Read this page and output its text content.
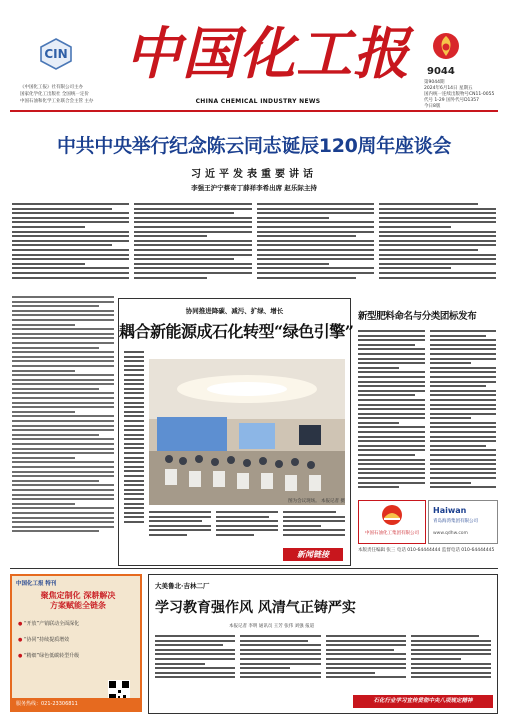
CIN
《中国化工报》社有限公司主办
国家化学化工出版社 全国统一定价
中国石油和化学工业联合会主管 主办
中国化工报
CHINA CHEMICAL INDUSTRY NEWS
9044
第9044期
2024年6月14日 星期五
国内统一连续出版物号CN11-0055
代号 1-29 国外代号D1357
今日8版
中共中央举行纪念陈云同志诞辰120周年座谈会
习近平发表重要讲话
李强王沪宁蔡奇丁薛祥李希出席 赵乐际主持
协同推进降碳、减污、扩绿、增长
耦合新能源成石化转型“绿色引擎”
图为会议现场。 本报记者 摄
新闻链接
新型肥料命名与分类团标发布
中国石油化工集团有限公司
Haiwan
青岛海湾集团有限公司
www.qdhw.com
本版责任编辑 张三 电话 010-64444444 监督电话 010-64444445
中国化工报 特刊
聚焦定制化 深耕解决方案赋能全链条
● “开放”产销联动全面深化
● “协同”持续提质增效
● “精细”绿色低碳转型升级
服务热线：021-23306811
大美鲁北·吉林二厂
学习教育强作风 风清气正铸严实
本报记者 李明 通讯员 王芳 张伟 刘强 报道
石化行业学习宣传贯彻中央八项规定精神
